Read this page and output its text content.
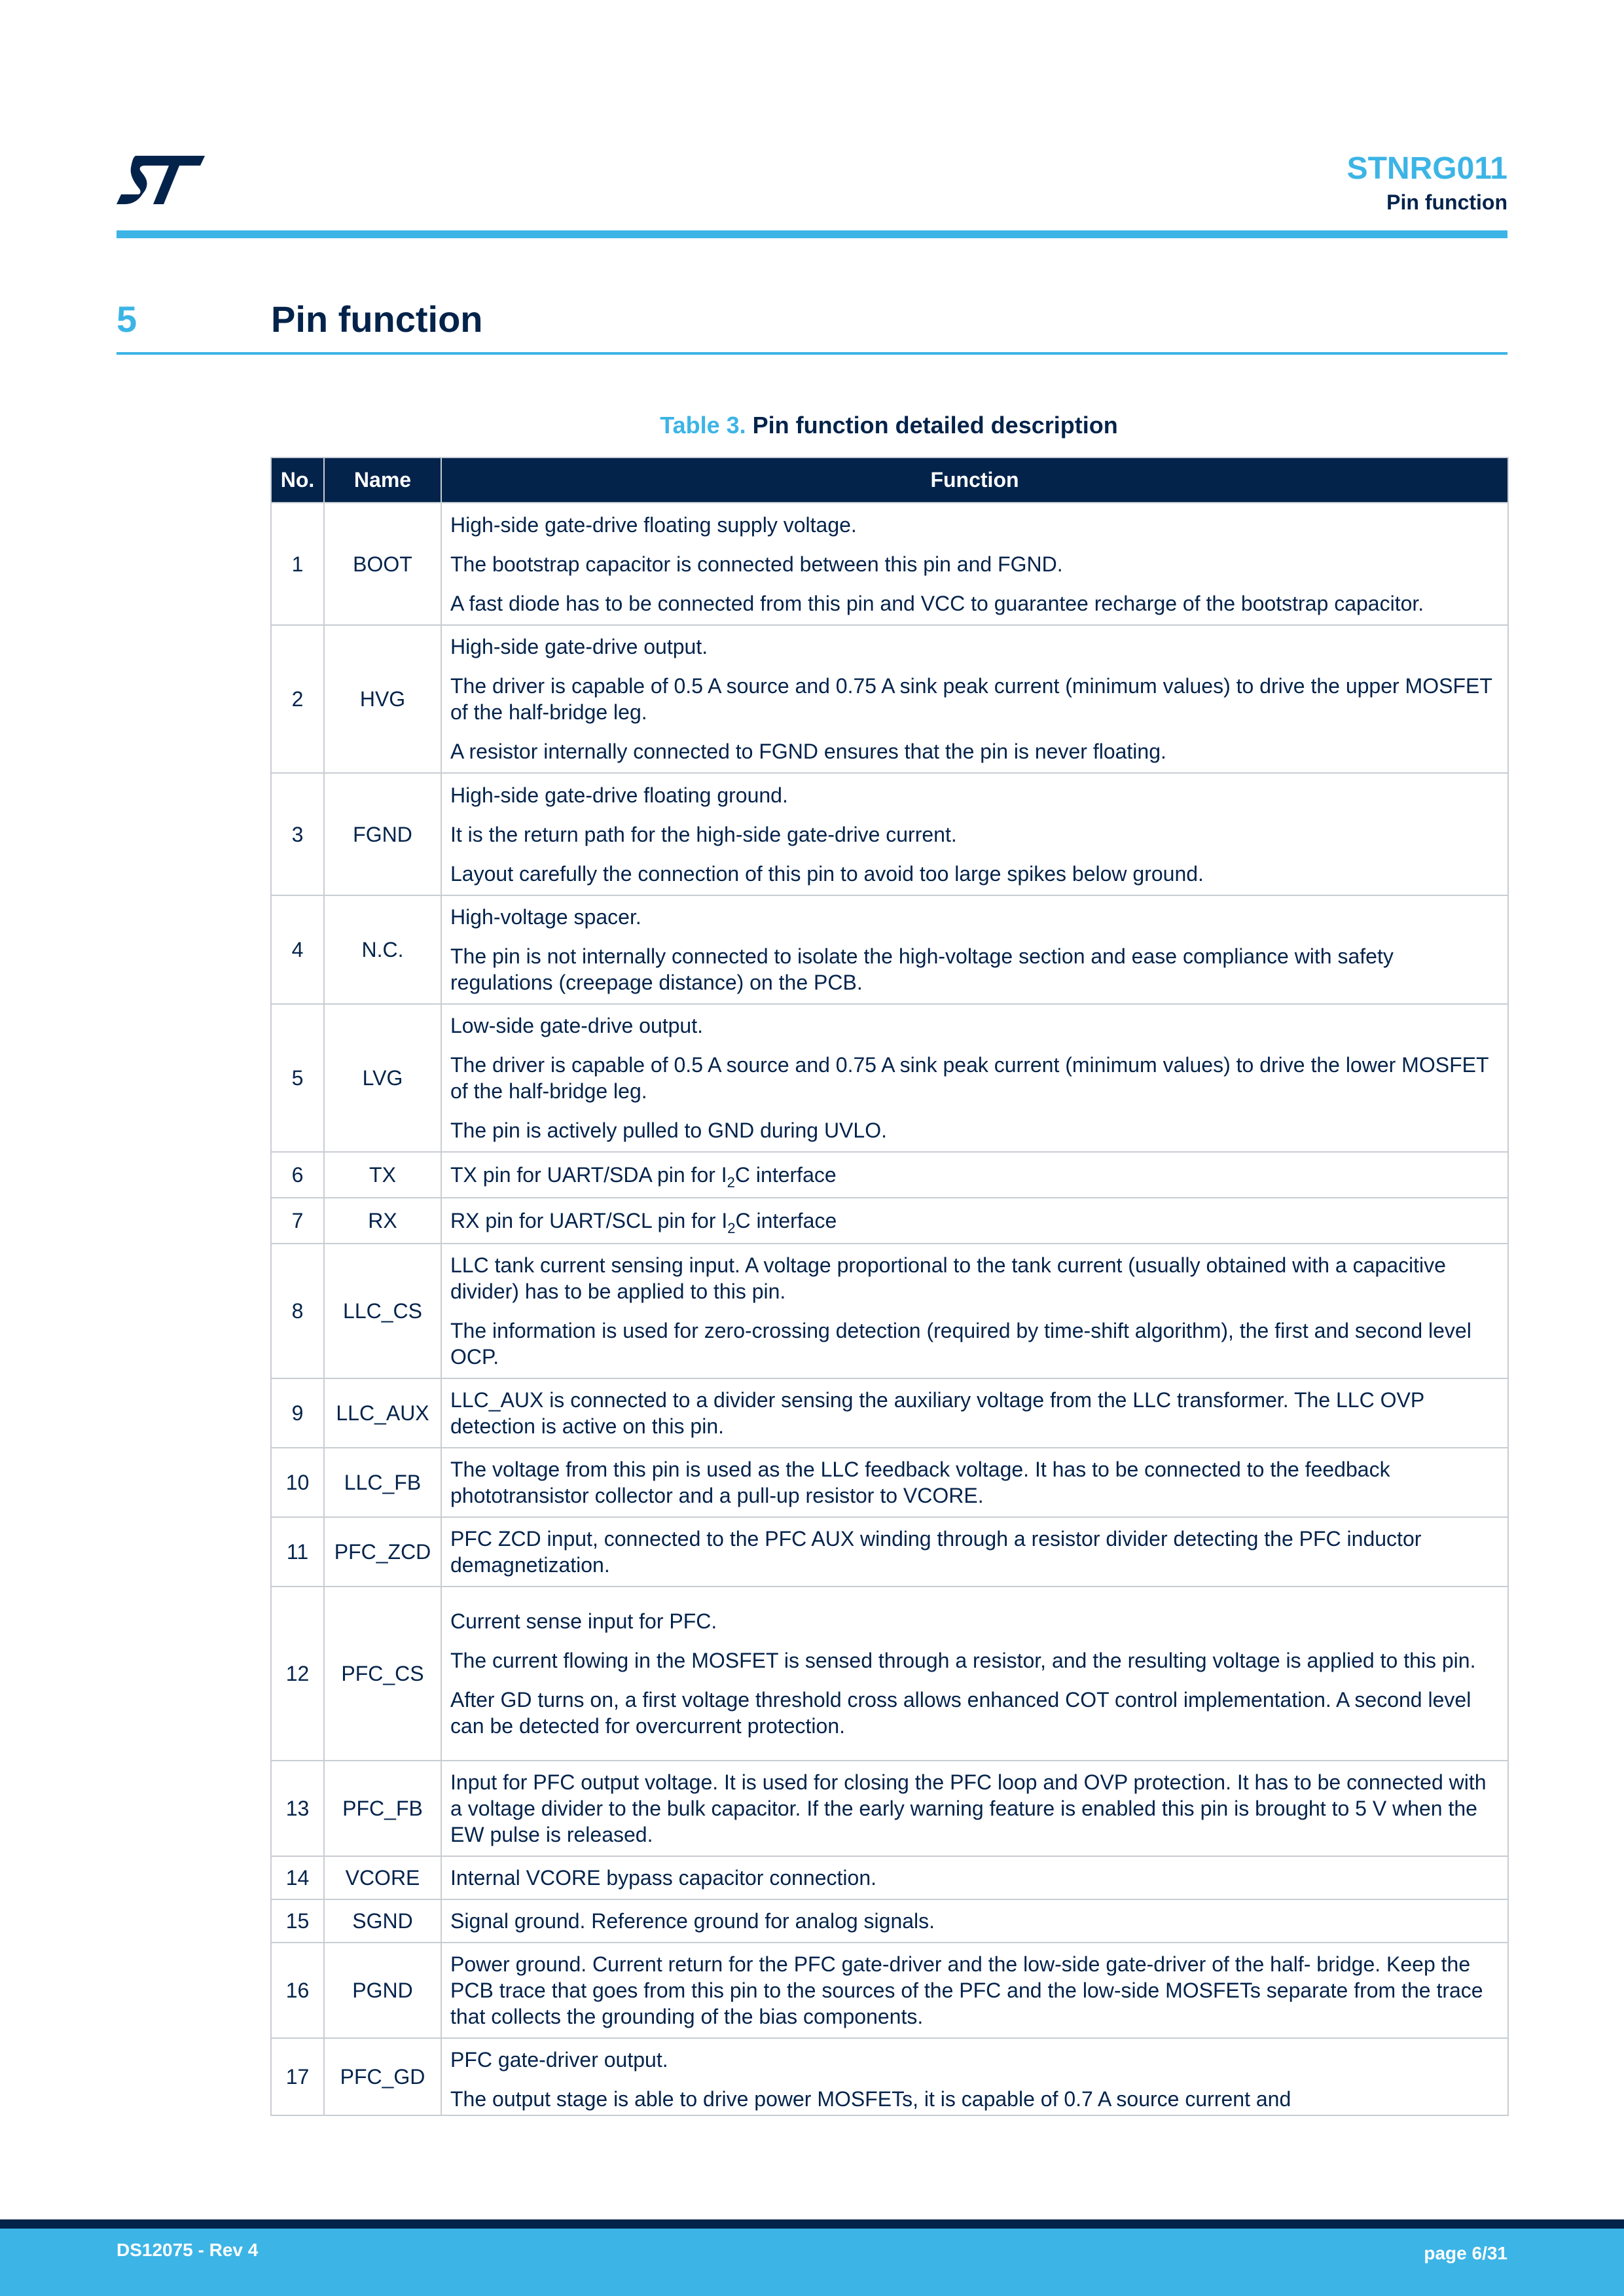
STNRG011
Pin function
5	Pin function
Table 3. Pin function detailed description
No.	Name	Function
1	BOOT	High-side gate-drive floating supply voltage.

The bootstrap capacitor is connected between this pin and FGND.

A fast diode has to be connected from this pin and VCC to guarantee recharge of the bootstrap capacitor.

2	HVG	High-side gate-drive output.

The driver is capable of 0.5 A source and 0.75 A sink peak current (minimum values) to drive the upper MOSFET of the half-bridge leg.

A resistor internally connected to FGND ensures that the pin is never floating.

3	FGND	High-side gate-drive floating ground.

It is the return path for the high-side gate-drive current.

Layout carefully the connection of this pin to avoid too large spikes below ground.

4	N.C.	High-voltage spacer.

The pin is not internally connected to isolate the high-voltage section and ease compliance with safety regulations (creepage distance) on the PCB.

5	LVG	Low-side gate-drive output.

The driver is capable of 0.5 A source and 0.75 A sink peak current (minimum values) to drive the lower MOSFET of the half-bridge leg.

The pin is actively pulled to GND during UVLO.

6	TX	TX pin for UART/SDA pin for $I_2C$ interface

7	RX	RX pin for UART/SCL pin for $I_2C$ interface

8	LLC_CS	LLC tank current sensing input. A voltage proportional to the tank current (usually obtained with a capacitive divider) has to be applied to this pin.

The information is used for zero-crossing detection (required by time-shift algorithm), the first and second level OCP.

9	LLC_AUX	LLC_AUX is connected to a divider sensing the auxiliary voltage from the LLC transformer. The LLC OVP detection is active on this pin.

10	LLC_FB	The voltage from this pin is used as the LLC feedback voltage. It has to be connected to the feedback phototransistor collector and a pull-up resistor to VCORE.

11	PFC_ZCD	PFC ZCD input, connected to the PFC AUX winding through a resistor divider detecting the PFC inductor demagnetization.

12	PFC_CS	Current sense input for PFC.

The current flowing in the MOSFET is sensed through a resistor, and the resulting voltage is applied to this pin.

After GD turns on, a first voltage threshold cross allows enhanced COT control implementation. A second level can be detected for overcurrent protection.

13	PFC_FB	Input for PFC output voltage. It is used for closing the PFC loop and OVP protection. It has to be connected with a voltage divider to the bulk capacitor. If the early warning feature is enabled this pin is brought to 5 V when the EW pulse is released.

14	VCORE	Internal VCORE bypass capacitor connection.

15	SGND	Signal ground. Reference ground for analog signals.

16	PGND	Power ground. Current return for the PFC gate-driver and the low-side gate-driver of the half- bridge. Keep the PCB trace that goes from this pin to the sources of the PFC and the low-side MOSFETs separate from the trace that collects the grounding of the bias components.

17	PFC_GD	PFC gate-driver output.

The output stage is able to drive power MOSFETs, it is capable of 0.7 A source current and

DS12075 - Rev 4	page 6/31
